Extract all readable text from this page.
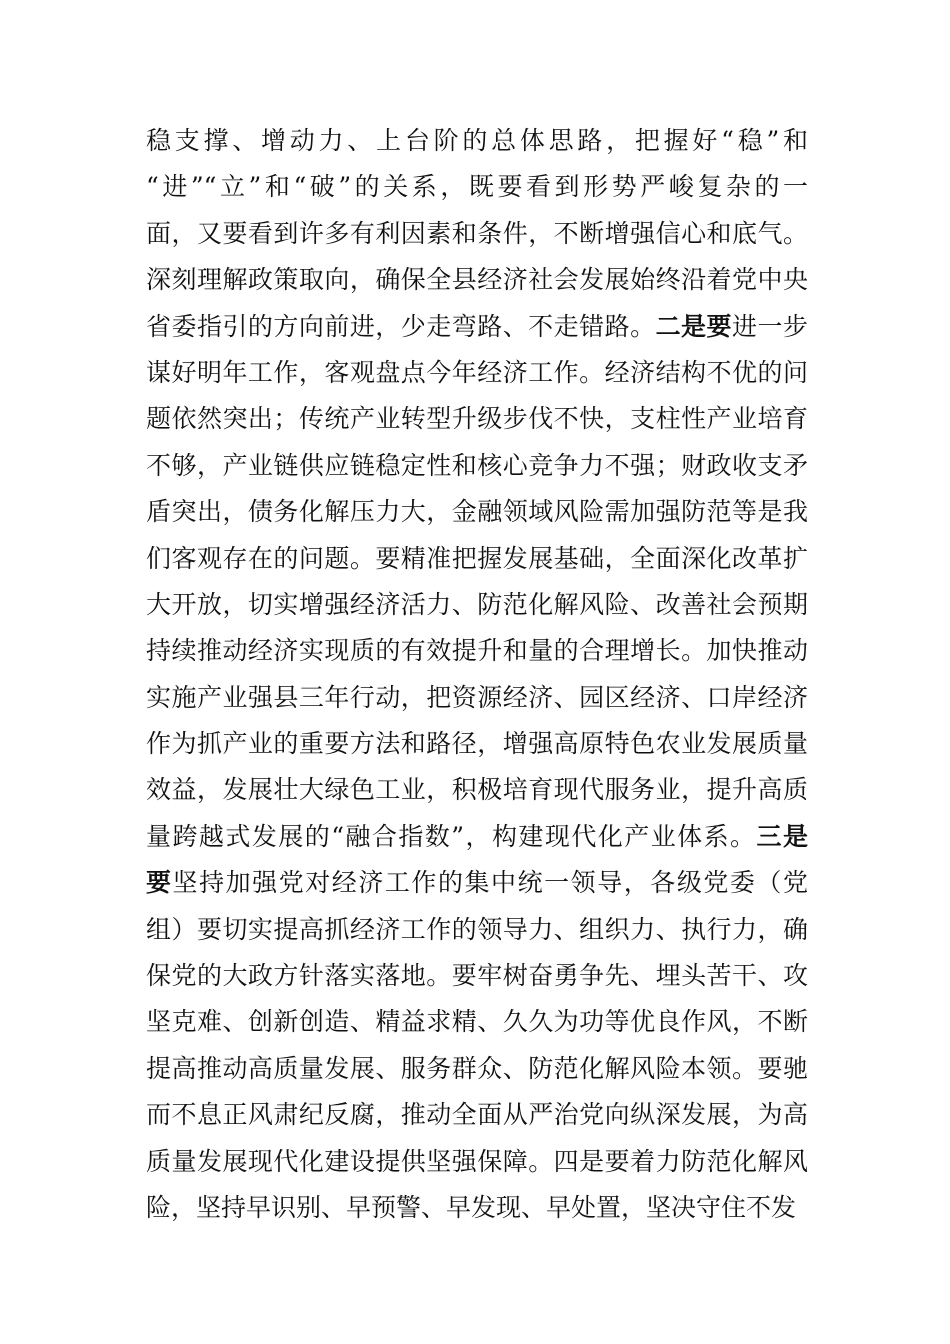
稳支撑、增动力、上台阶的总体思路，把握好“稳”和
“进”“立”和“破”的关系，既要看到形势严峻复杂的一
面，又要看到许多有利因素和条件，不断增强信心和底气。
深刻理解政策取向，确保全县经济社会发展始终沿着党中央
省委指引的方向前进，少走弯路、不走错路。二是要进一步
谋好明年工作，客观盘点今年经济工作。经济结构不优的问
题依然突出；传统产业转型升级步伐不快，支柱性产业培育
不够，产业链供应链稳定性和核心竞争力不强；财政收支矛
盾突出，债务化解压力大，金融领域风险需加强防范等是我
们客观存在的问题。要精准把握发展基础，全面深化改革扩
大开放，切实增强经济活力、防范化解风险、改善社会预期
持续推动经济实现质的有效提升和量的合理增长。加快推动
实施产业强县三年行动，把资源经济、园区经济、口岸经济
作为抓产业的重要方法和路径，增强高原特色农业发展质量
效益，发展壮大绿色工业，积极培育现代服务业，提升高质
量跨越式发展的“融合指数”，构建现代化产业体系。三是
要坚持加强党对经济工作的集中统一领导，各级党委（党
组）要切实提高抓经济工作的领导力、组织力、执行力，确
保党的大政方针落实落地。要牢树奋勇争先、埋头苦干、攻
坚克难、创新创造、精益求精、久久为功等优良作风，不断
提高推动高质量发展、服务群众、防范化解风险本领。要驰
而不息正风肃纪反腐，推动全面从严治党向纵深发展，为高
质量发展现代化建设提供坚强保障。四是要着力防范化解风
险，坚持早识别、早预警、早发现、早处置，坚决守住不发
